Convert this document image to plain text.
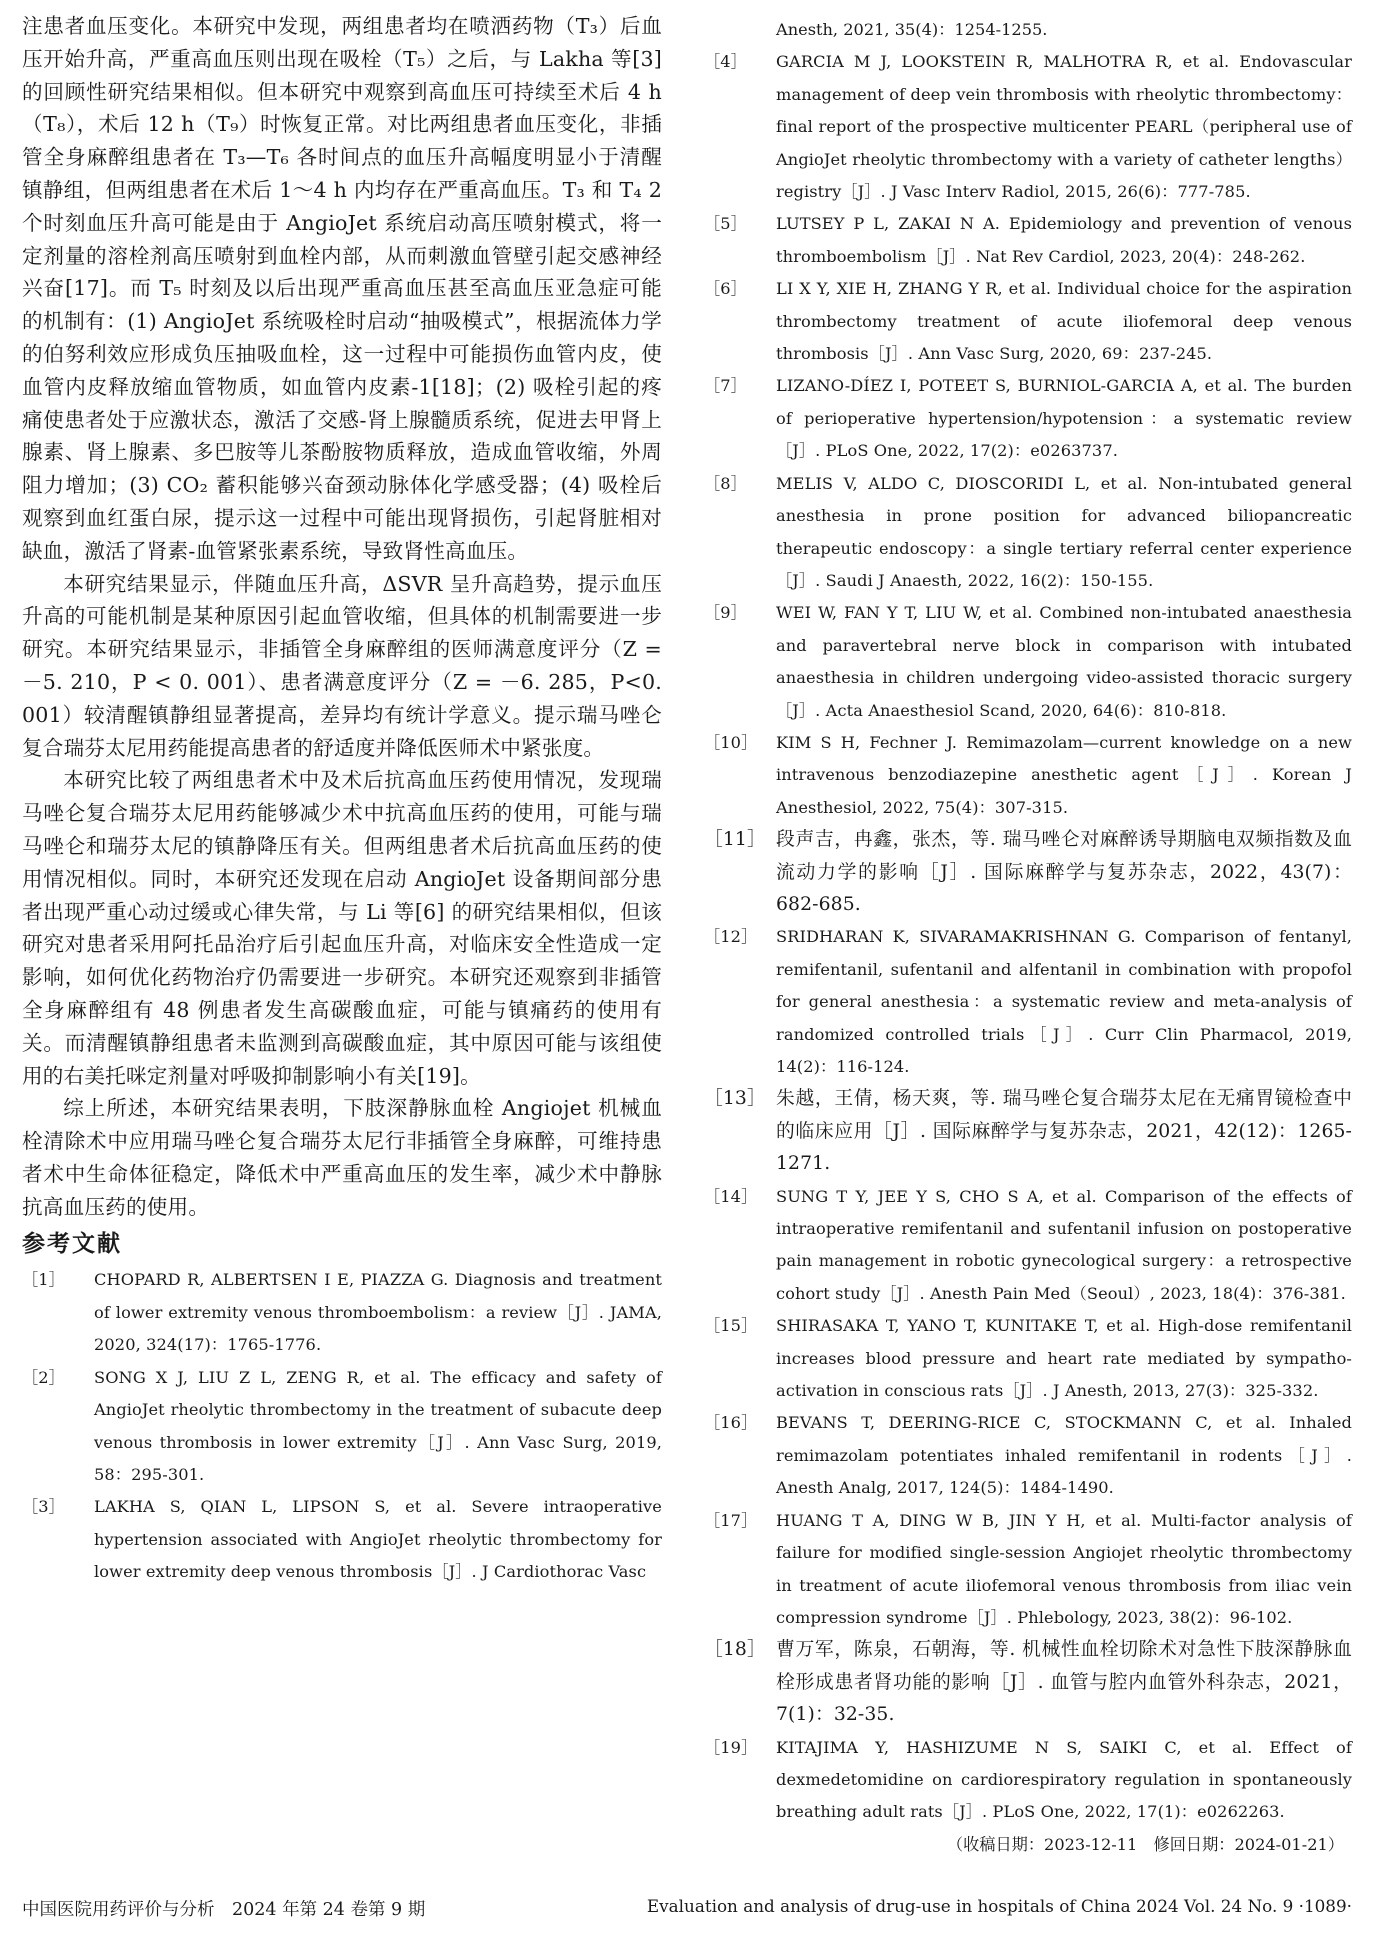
注患者血压变化。本研究中发现，两组患者均在喷洒药物（T₃）后血压开始升高，严重高血压则出现在吸栓（T₅）之后，与 Lakha 等[3] 的回顾性研究结果相似。但本研究中观察到高血压可持续至术后 4 h（T₈），术后 12 h（T₉）时恢复正常。对比两组患者血压变化，非插管全身麻醉组患者在 T₃—T₆ 各时间点的血压升高幅度明显小于清醒镇静组，但两组患者在术后 1～4 h 内均存在严重高血压。T₃ 和 T₄ 2 个时刻血压升高可能是由于 AngioJet 系统启动高压喷射模式，将一定剂量的溶栓剂高压喷射到血栓内部，从而刺激血管壁引起交感神经兴奋[17]。而 T₅ 时刻及以后出现严重高血压甚至高血压亚急症可能的机制有：(1) AngioJet 系统吸栓时启动“抽吸模式”，根据流体力学的伯努利效应形成负压抽吸血栓，这一过程中可能损伤血管内皮，使血管内皮释放缩血管物质，如血管内皮素-1[18]；(2) 吸栓引起的疼痛使患者处于应激状态，激活了交感-肾上腺髓质系统，促进去甲肾上腺素、肾上腺素、多巴胺等儿茶酚胺物质释放，造成血管收缩，外周阻力增加；(3) CO₂ 蓄积能够兴奋颈动脉体化学感受器；(4) 吸栓后观察到血红蛋白尿，提示这一过程中可能出现肾损伤，引起肾脏相对缺血，激活了肾素-血管紧张素系统，导致肾性高血压。

本研究结果显示，伴随血压升高，ΔSVR 呈升高趋势，提示血压升高的可能机制是某种原因引起血管收缩，但具体的机制需要进一步研究。本研究结果显示，非插管全身麻醉组的医师满意度评分（Z = －5. 210，P < 0. 001）、患者满意度评分（Z = －6. 285，P<0. 001）较清醒镇静组显著提高，差异均有统计学意义。提示瑞马唑仑复合瑞芬太尼用药能提高患者的舒适度并降低医师术中紧张度。

本研究比较了两组患者术中及术后抗高血压药使用情况，发现瑞马唑仑复合瑞芬太尼用药能够减少术中抗高血压药的使用，可能与瑞马唑仑和瑞芬太尼的镇静降压有关。但两组患者术后抗高血压药的使用情况相似。同时，本研究还发现在启动 AngioJet 设备期间部分患者出现严重心动过缓或心律失常，与 Li 等[6] 的研究结果相似，但该研究对患者采用阿托品治疗后引起血压升高，对临床安全性造成一定影响，如何优化药物治疗仍需要进一步研究。本研究还观察到非插管全身麻醉组有 48 例患者发生高碳酸血症，可能与镇痛药的使用有关。而清醒镇静组患者未监测到高碳酸血症，其中原因可能与该组使用的右美托咪定剂量对呼吸抑制影响小有关[19]。

综上所述，本研究结果表明，下肢深静脉血栓 Angiojet 机械血栓清除术中应用瑞马唑仑复合瑞芬太尼行非插管全身麻醉，可维持患者术中生命体征稳定，降低术中严重高血压的发生率，减少术中静脉抗高血压药的使用。

参考文献

［1］	CHOPARD R, ALBERTSEN I E, PIAZZA G. Diagnosis and treatment of lower extremity venous thromboembolism：a review［J］. JAMA, 2020, 324(17)：1765-1776.

［2］	SONG X J, LIU Z L, ZENG R, et al. The efficacy and safety of AngioJet rheolytic thrombectomy in the treatment of subacute deep venous thrombosis in lower extremity［J］. Ann Vasc Surg, 2019, 58：295-301.

［3］	LAKHA S, QIAN L, LIPSON S, et al. Severe intraoperative hypertension associated with AngioJet rheolytic thrombectomy for lower extremity deep venous thrombosis［J］. J Cardiothorac Vasc

Anesth, 2021, 35(4)：1254-1255.

［4］	GARCIA M J, LOOKSTEIN R, MALHOTRA R, et al. Endovascular management of deep vein thrombosis with rheolytic thrombectomy：final report of the prospective multicenter PEARL（peripheral use of AngioJet rheolytic thrombectomy with a variety of catheter lengths）registry［J］. J Vasc Interv Radiol, 2015, 26(6)：777-785.

［5］	LUTSEY P L, ZAKAI N A. Epidemiology and prevention of venous thromboembolism［J］. Nat Rev Cardiol, 2023, 20(4)：248-262.

［6］	LI X Y, XIE H, ZHANG Y R, et al. Individual choice for the aspiration thrombectomy treatment of acute iliofemoral deep venous thrombosis［J］. Ann Vasc Surg, 2020, 69：237-245.

［7］	LIZANO-DÍEZ I, POTEET S, BURNIOL-GARCIA A, et al. The burden of perioperative hypertension/hypotension：a systematic review［J］. PLoS One, 2022, 17(2)：e0263737.

［8］	MELIS V, ALDO C, DIOSCORIDI L, et al. Non-intubated general anesthesia in prone position for advanced biliopancreatic therapeutic endoscopy：a single tertiary referral center experience［J］. Saudi J Anaesth, 2022, 16(2)：150-155.

［9］	WEI W, FAN Y T, LIU W, et al. Combined non-intubated anaesthesia and paravertebral nerve block in comparison with intubated anaesthesia in children undergoing video-assisted thoracic surgery［J］. Acta Anaesthesiol Scand, 2020, 64(6)：810-818.

［10］	KIM S H, Fechner J. Remimazolam—current knowledge on a new intravenous benzodiazepine anesthetic agent［J］. Korean J Anesthesiol, 2022, 75(4)：307-315.

［11］ 段声吉，冉鑫，张杰，等. 瑞马唑仑对麻醉诱导期脑电双频指数及血流动力学的影响［J］. 国际麻醉学与复苏杂志，2022，43(7)：682-685.

［12］	SRIDHARAN K, SIVARAMAKRISHNAN G. Comparison of fentanyl, remifentanil, sufentanil and alfentanil in combination with propofol for general anesthesia：a systematic review and meta-analysis of randomized controlled trials［J］. Curr Clin Pharmacol, 2019, 14(2)：116-124.

［13］ 朱越，王倩，杨天爽，等. 瑞马唑仑复合瑞芬太尼在无痛胃镜检查中的临床应用［J］. 国际麻醉学与复苏杂志，2021，42(12)：1265-1271.

［14］	SUNG T Y, JEE Y S, CHO S A, et al. Comparison of the effects of intraoperative remifentanil and sufentanil infusion on postoperative pain management in robotic gynecological surgery：a retrospective cohort study［J］. Anesth Pain Med（Seoul）, 2023, 18(4)：376-381.

［15］	SHIRASAKA T, YANO T, KUNITAKE T, et al. High-dose remifentanil increases blood pressure and heart rate mediated by sympatho-activation in conscious rats［J］. J Anesth, 2013, 27(3)：325-332.

［16］	BEVANS T, DEERING-RICE C, STOCKMANN C, et al. Inhaled remimazolam potentiates inhaled remifentanil in rodents［J］. Anesth Analg, 2017, 124(5)：1484-1490.

［17］	HUANG T A, DING W B, JIN Y H, et al. Multi-factor analysis of failure for modified single-session Angiojet rheolytic thrombectomy in treatment of acute iliofemoral venous thrombosis from iliac vein compression syndrome［J］. Phlebology, 2023, 38(2)：96-102.

［18］ 曹万军，陈泉，石朝海，等. 机械性血栓切除术对急性下肢深静脉血栓形成患者肾功能的影响［J］. 血管与腔内血管外科杂志，2021，7(1)：32-35.

［19］	KITAJIMA Y, HASHIZUME N S, SAIKI C, et al. Effect of dexmedetomidine on cardiorespiratory regulation in spontaneously breathing adult rats［J］. PLoS One, 2022, 17(1)：e0262263.

（收稿日期：2023-12-11　修回日期：2024-01-21）

中国医院用药评价与分析　2024 年第 24 卷第 9 期	Evaluation and analysis of drug-use in hospitals of China 2024 Vol. 24 No. 9 ·1089·
